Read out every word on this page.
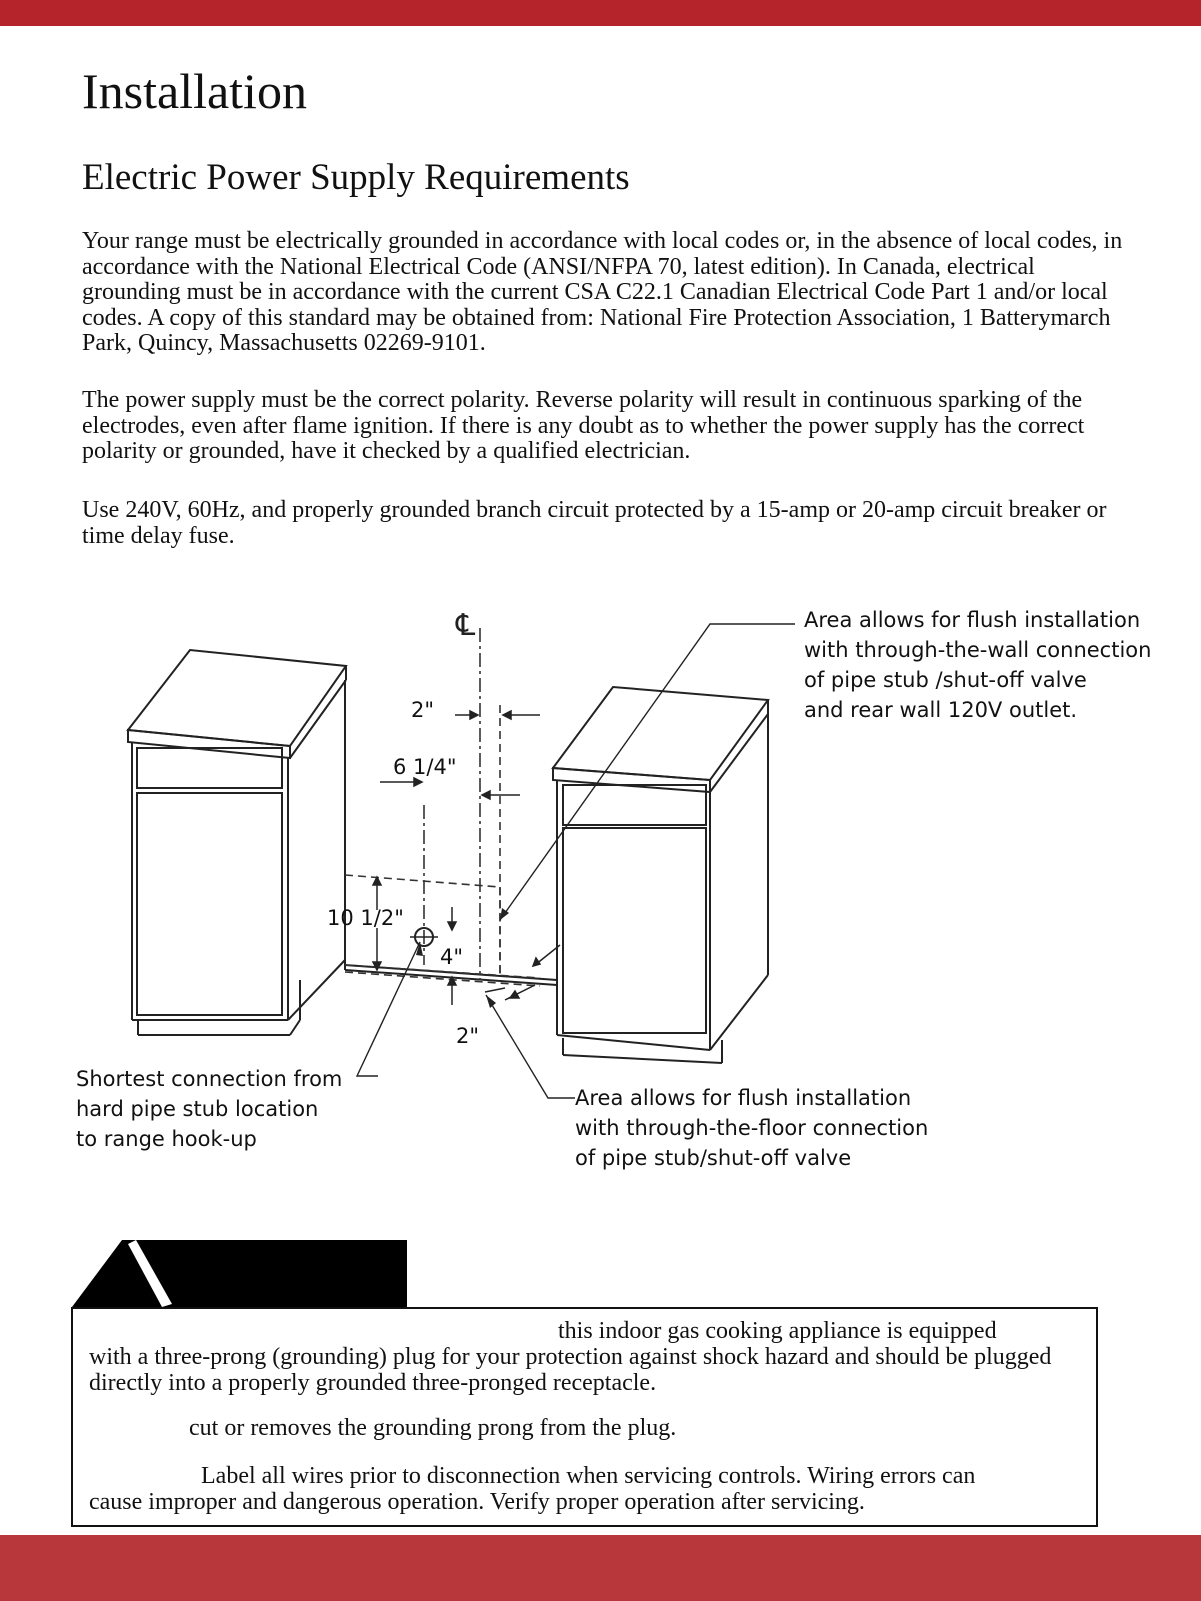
Installation
Electric Power Supply Requirements

Your range must be electrically grounded in accordance with local codes or, in the absence of local codes, in accordance with the National Electrical Code (ANSI/NFPA 70, latest edition). In Canada, electrical grounding must be in accordance with the current CSA C22.1 Canadian Electrical Code Part 1 and/or local codes. A copy of this standard may be obtained from: National Fire Protection Association, 1 Batterymarch Park, Quincy, Massachusetts 02269-9101.

The power supply must be the correct polarity. Reverse polarity will result in continuous sparking of the electrodes, even after flame ignition. If there is any doubt as to whether the power supply has the correct polarity or grounded, have it checked by a qualified electrician.

Use 240V, 60Hz, and properly grounded branch circuit protected by a 15-amp or 20-amp circuit breaker or time delay fuse.

℄
2"
6 1/4"
10 1/2"
4"
2"
Area allows for flush installation
with through-the-wall connection
of pipe stub /shut-off valve
and rear wall 120V outlet.
Area allows for flush installation
with through-the-floor connection
of pipe stub/shut-off valve
Shortest connection from
hard pipe stub location
to range hook-up

this indoor gas cooking appliance is equipped

with a three-prong (grounding) plug for your protection against shock hazard and should be plugged directly into a properly grounded three-pronged receptacle.

cut or removes the grounding prong from the plug.

Label all wires prior to disconnection when servicing controls. Wiring errors can

cause improper and dangerous operation. Verify proper operation after servicing.
